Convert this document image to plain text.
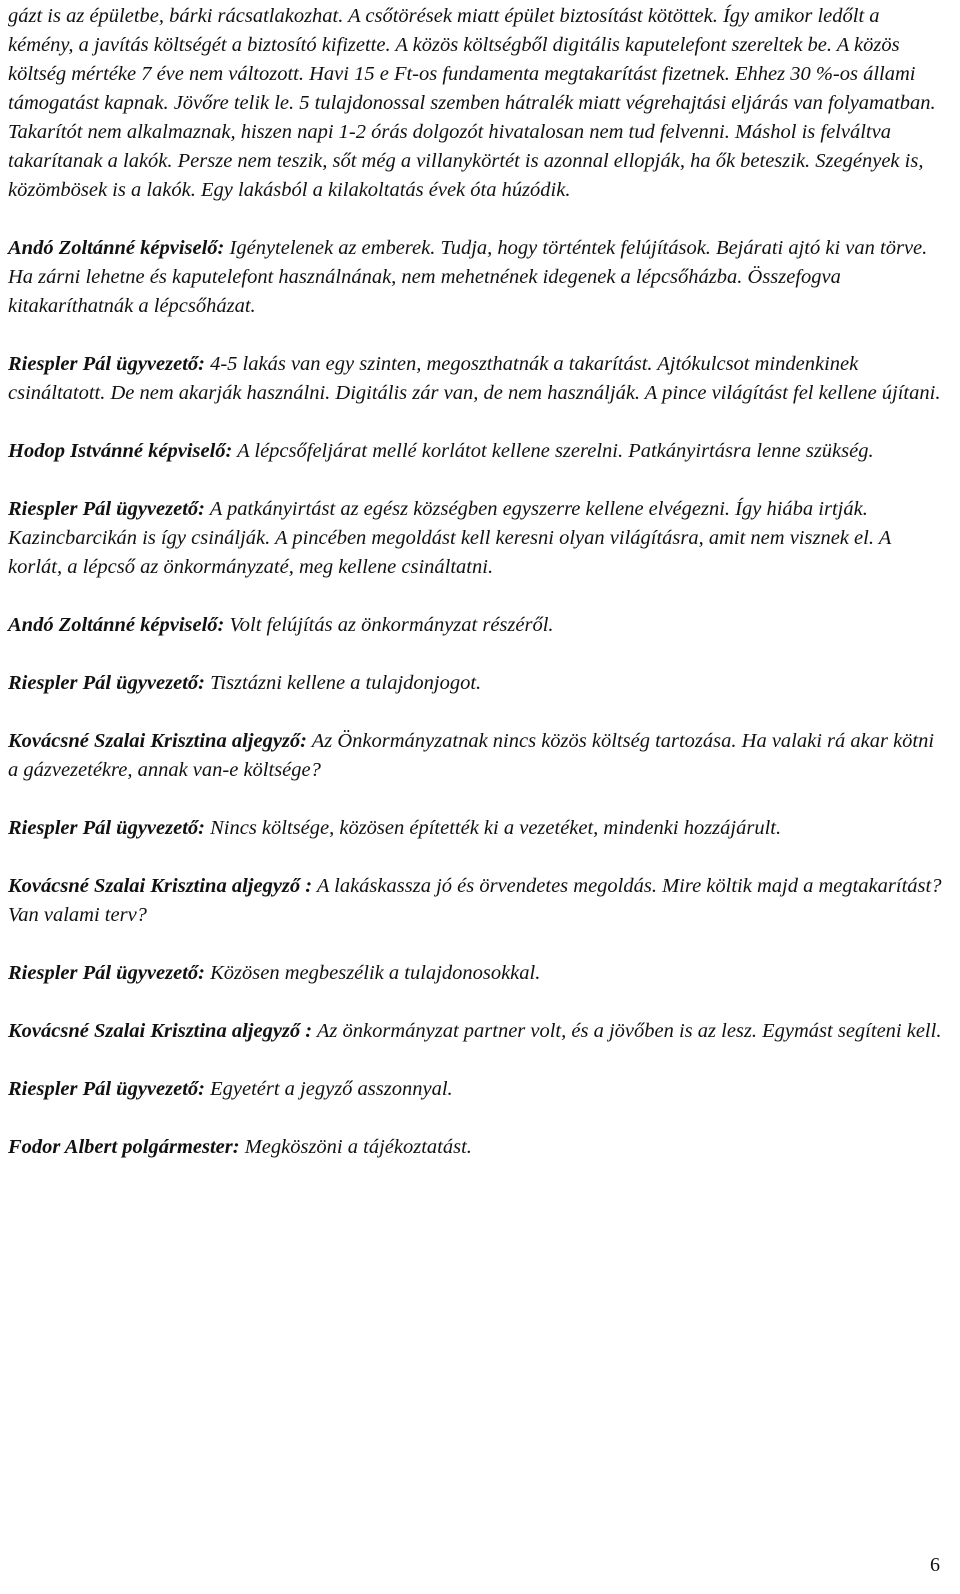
gázt is az épületbe, bárki rácsatlakozhat. A csőtörések miatt épület biztosítást kötöttek. Így amikor ledőlt a kémény, a javítás költségét a biztosító kifizette. A közös költségből digitális kaputelefont szereltek be. A közös költség mértéke 7 éve nem változott. Havi 15 e Ft-os fundamenta megtakarítást fizetnek. Ehhez 30 %-os állami támogatást kapnak. Jövőre telik le. 5 tulajdonossal szemben hátralék miatt végrehajtási eljárás van folyamatban. Takarítót nem alkalmaznak, hiszen napi 1-2 órás dolgozót hivatalosan nem tud felvenni. Máshol is felváltva takarítanak a lakók. Persze nem teszik, sőt még a villanykörtét is azonnal ellopják, ha ők beteszik. Szegények is, közömbösek is a lakók. Egy lakásból a kilakoltatás évek óta húzódik.

Andó Zoltánné képviselő: Igénytelenek az emberek. Tudja, hogy történtek felújítások. Bejárati ajtó ki van törve. Ha zárni lehetne és kaputelefont használnának, nem mehetnének idegenek a lépcsőházba. Összefogva kitakaríthatnák a lépcsőházat.

Riespler Pál ügyvezető: 4-5 lakás van egy szinten, megoszthatnák a takarítást. Ajtókulcsot mindenkinek csináltatott. De nem akarják használni. Digitális zár van, de nem használják. A pince világítást fel kellene újítani.

Hodop Istvánné képviselő: A lépcsőfeljárat mellé korlátot kellene szerelni. Patkányirtásra lenne szükség.

Riespler Pál ügyvezető: A patkányirtást az egész községben egyszerre kellene elvégezni. Így hiába irtják. Kazincbarcikán is így csinálják. A pincében megoldást kell keresni olyan világításra, amit nem visznek el. A korlát, a lépcső az önkormányzaté, meg kellene csináltatni.

Andó Zoltánné képviselő: Volt felújítás az önkormányzat részéről.

Riespler Pál ügyvezető: Tisztázni kellene a tulajdonjogot.

Kovácsné Szalai Krisztina aljegyző: Az Önkormányzatnak nincs közös költség tartozása. Ha valaki rá akar kötni a gázvezetékre, annak van-e költsége?

Riespler Pál ügyvezető: Nincs költsége, közösen építették ki a vezetéket, mindenki hozzájárult.

Kovácsné Szalai Krisztina aljegyző : A lakáskassza jó és örvendetes megoldás. Mire költik majd a megtakarítást? Van valami terv?

Riespler Pál ügyvezető: Közösen megbeszélik a tulajdonosokkal.

Kovácsné Szalai Krisztina aljegyző : Az önkormányzat partner volt, és a jövőben is az lesz. Egymást segíteni kell.

Riespler Pál ügyvezető: Egyetért a jegyző asszonnyal.

Fodor Albert polgármester: Megköszöni a tájékoztatást.

6
